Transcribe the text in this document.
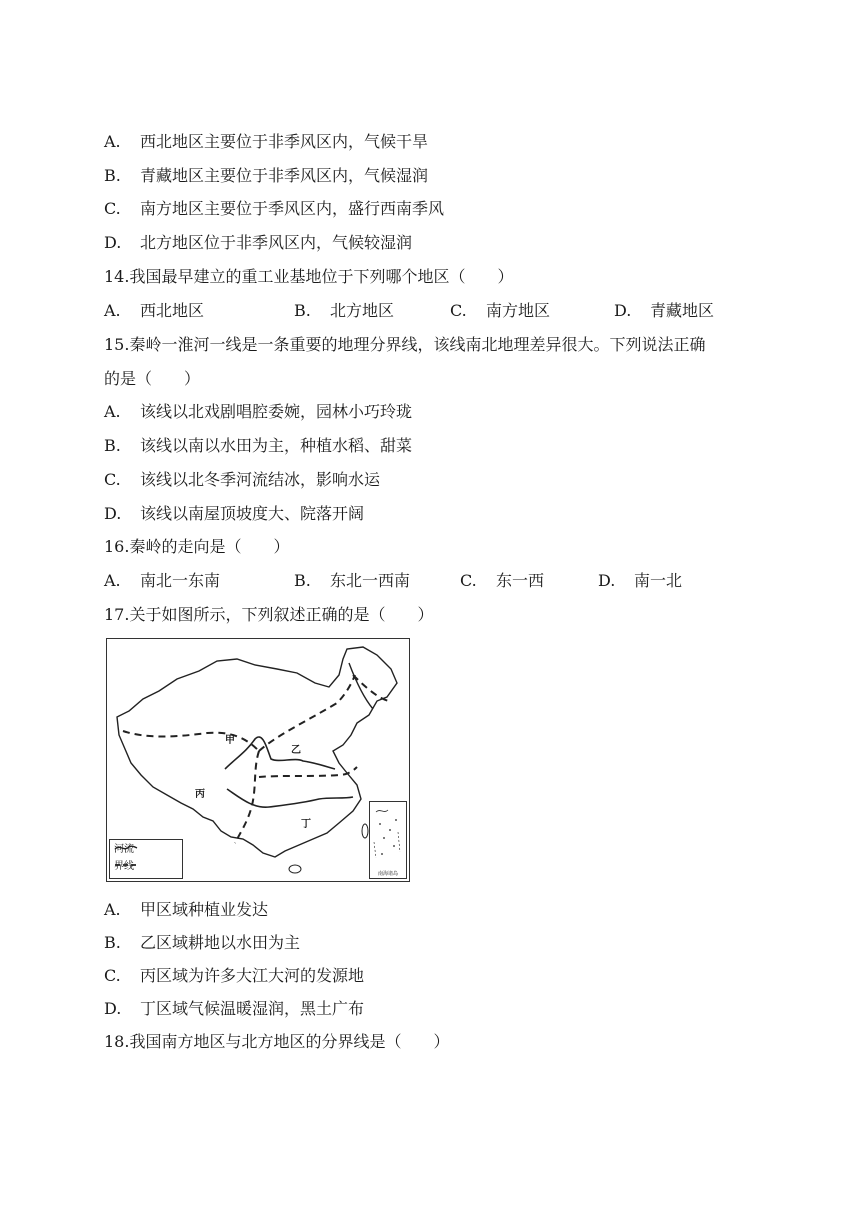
A. 西北地区主要位于非季风区内，气候干旱
B. 青藏地区主要位于非季风区内，气候湿润
C. 南方地区主要位于季风区内，盛行西南季风
D. 北方地区位于非季风区内，气候较湿润
14.我国最早建立的重工业基地位于下列哪个地区（　　）
A. 西北地区	B. 北方地区	C. 南方地区	D. 青藏地区
15.秦岭一淮河一线是一条重要的地理分界线，该线南北地理差异很大。下列说法正确
的是（　　）
A. 该线以北戏剧唱腔委婉，园林小巧玲珑
B. 该线以南以水田为主，种植水稻、甜菜
C. 该线以北冬季河流结冰，影响水运
D. 该线以南屋顶坡度大、院落开阔
16.秦岭的走向是（　　）
A. 南北一东南	B. 东北一西南	C. 东一西	D. 南一北
17.关于如图所示，下列叙述正确的是（　　）
甲
乙
丙
丁
河流
界线
南海诸岛
A. 甲区域种植业发达
B. 乙区域耕地以水田为主
C. 丙区域为许多大江大河的发源地
D. 丁区域气候温暖湿润，黑土广布
18.我国南方地区与北方地区的分界线是（　　）
